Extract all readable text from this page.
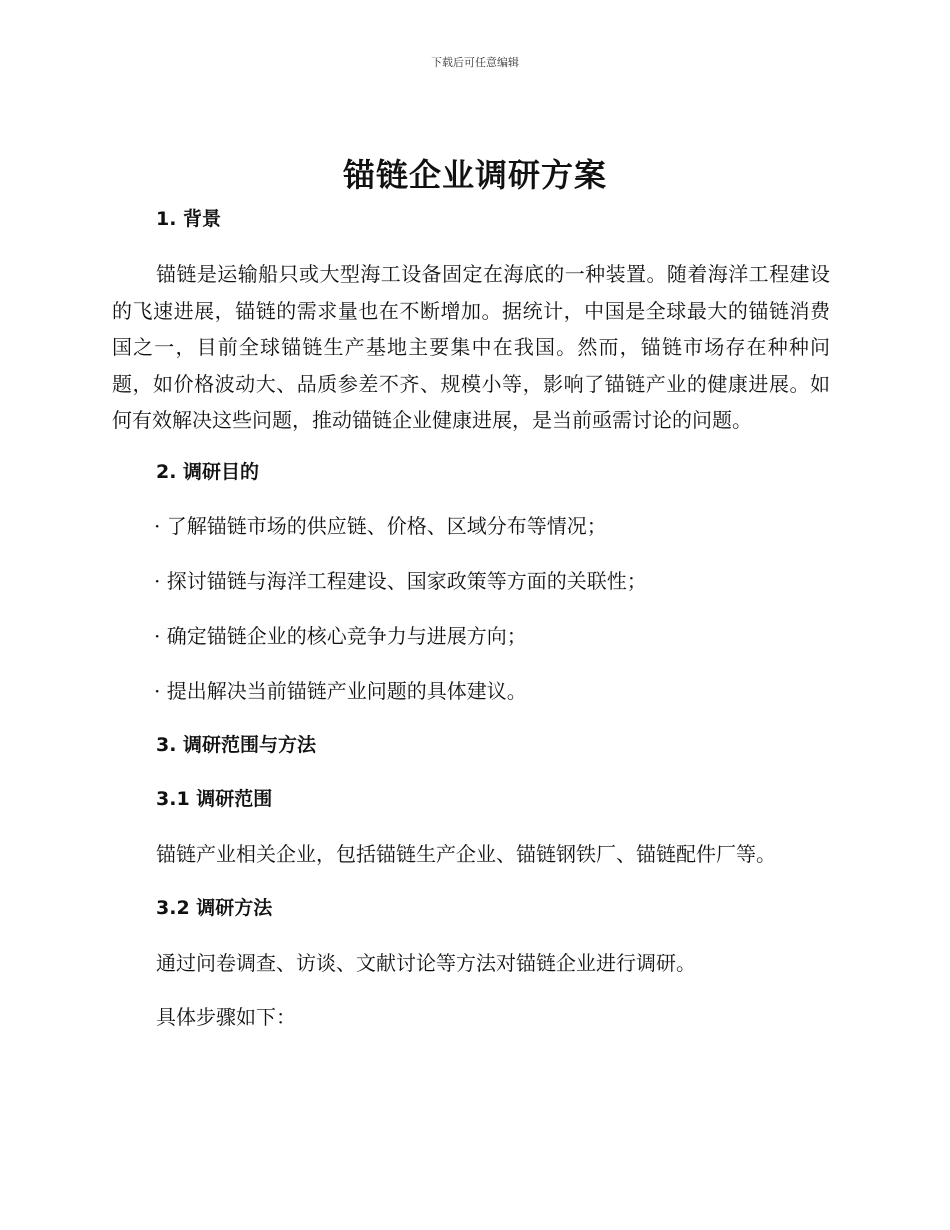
下载后可任意编辑
锚链企业调研方案

1. 背景

锚链是运输船只或大型海工设备固定在海底的一种装置。随着海洋工程建设的飞速进展，锚链的需求量也在不断增加。据统计，中国是全球最大的锚链消费国之一，目前全球锚链生产基地主要集中在我国。然而，锚链市场存在种种问题，如价格波动大、品质参差不齐、规模小等，影响了锚链产业的健康进展。如何有效解决这些问题，推动锚链企业健康进展，是当前亟需讨论的问题。

2. 调研目的

· 了解锚链市场的供应链、价格、区域分布等情况；

· 探讨锚链与海洋工程建设、国家政策等方面的关联性；

· 确定锚链企业的核心竞争力与进展方向；

· 提出解决当前锚链产业问题的具体建议。

3. 调研范围与方法

3.1 调研范围

锚链产业相关企业，包括锚链生产企业、锚链钢铁厂、锚链配件厂等。

3.2 调研方法

通过问卷调查、访谈、文献讨论等方法对锚链企业进行调研。

具体步骤如下：
